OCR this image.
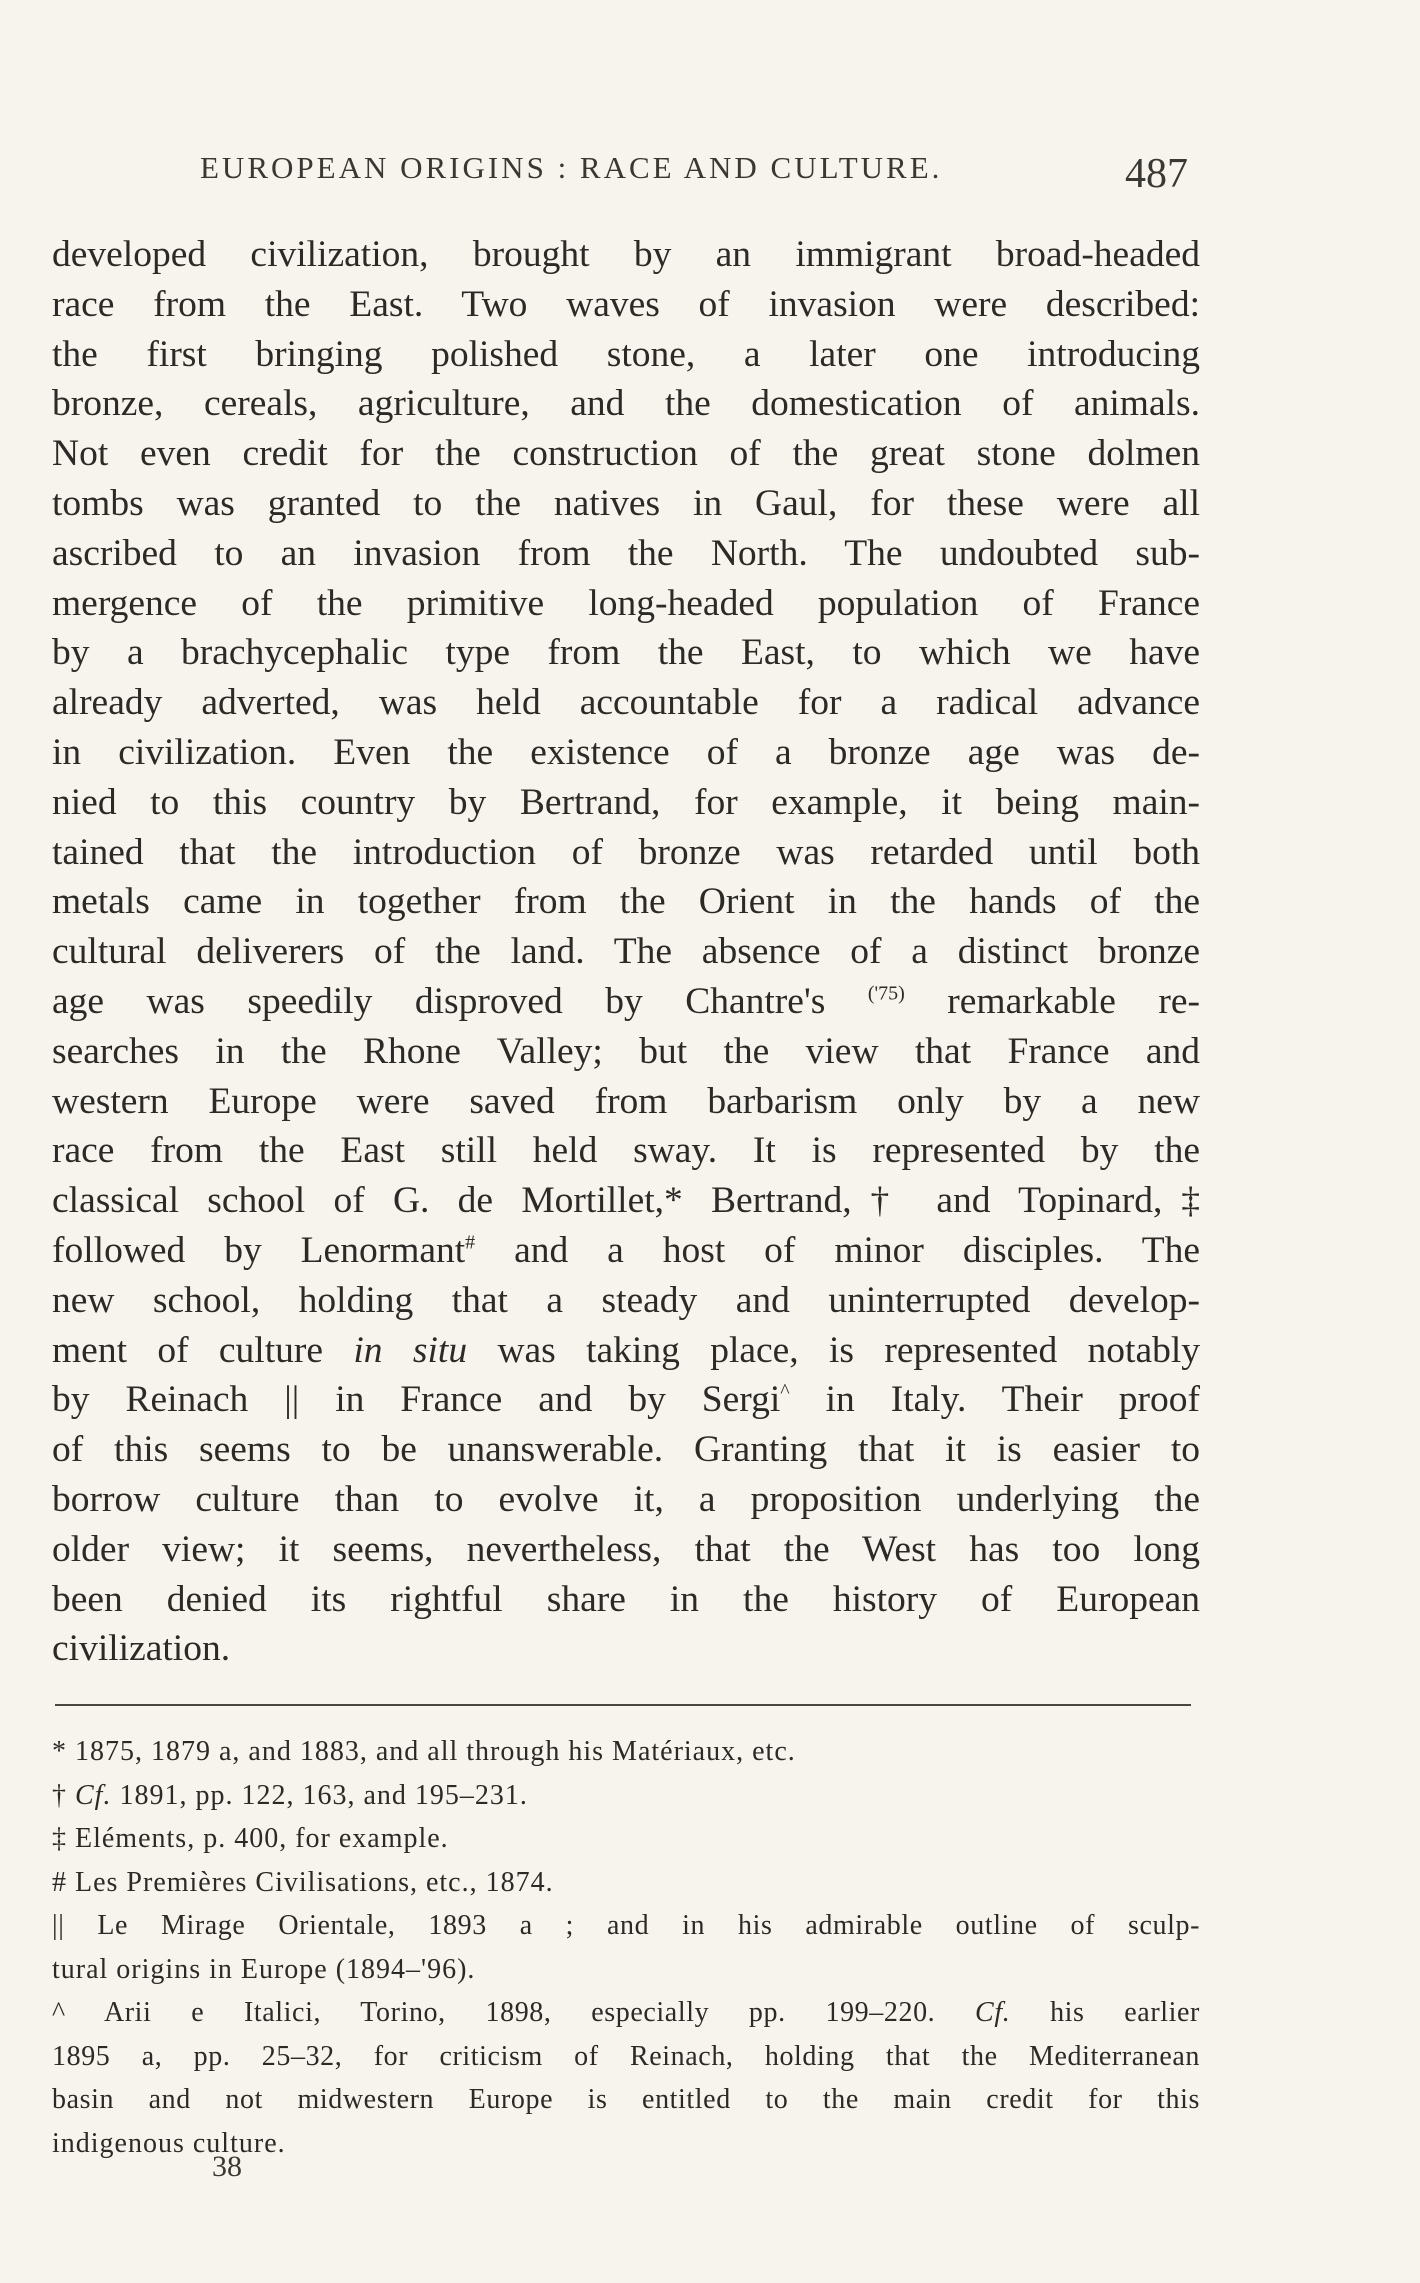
EUROPEAN ORIGINS : RACE AND CULTURE.	487
developed civilization, brought by an immigrant broad-headed
race from the East. Two waves of invasion were described:
the first bringing polished stone, a later one introducing
bronze, cereals, agriculture, and the domestication of animals.
Not even credit for the construction of the great stone dolmen
tombs was granted to the natives in Gaul, for these were all
ascribed to an invasion from the North. The undoubted sub-
mergence of the primitive long-headed population of France
by a brachycephalic type from the East, to which we have
already adverted, was held accountable for a radical advance
in civilization. Even the existence of a bronze age was de-
nied to this country by Bertrand, for example, it being main-
tained that the introduction of bronze was retarded until both
metals came in together from the Orient in the hands of the
cultural deliverers of the land. The absence of a distinct bronze
age was speedily disproved by Chantre's $^{('75)}$ remarkable re-
searches in the Rhone Valley; but the view that France and
western Europe were saved from barbarism only by a new
race from the East still held sway. It is represented by the
classical school of G. de Mortillet,* Bertrand,† and Topinard,‡
followed by Lenormant# and a host of minor disciples. The
new school, holding that a steady and uninterrupted develop-
ment of culture in situ was taking place, is represented notably
by Reinach || in France and by Sergi^ in Italy. Their proof
of this seems to be unanswerable. Granting that it is easier to
borrow culture than to evolve it, a proposition underlying the
older view; it seems, nevertheless, that the West has too long
been denied its rightful share in the history of European
civilization.
* 1875, 1879 a, and 1883, and all through his Matériaux, etc.
† Cf. 1891, pp. 122, 163, and 195–231.
‡ Eléments, p. 400, for example.
# Les Premières Civilisations, etc., 1874.
|| Le Mirage Orientale, 1893 a ; and in his admirable outline of sculp-
tural origins in Europe (1894–'96).
^ Arii e Italici, Torino, 1898, especially pp. 199–220. Cf. his earlier
1895 a, pp. 25–32, for criticism of Reinach, holding that the Mediterranean
basin and not midwestern Europe is entitled to the main credit for this
indigenous culture.
38
